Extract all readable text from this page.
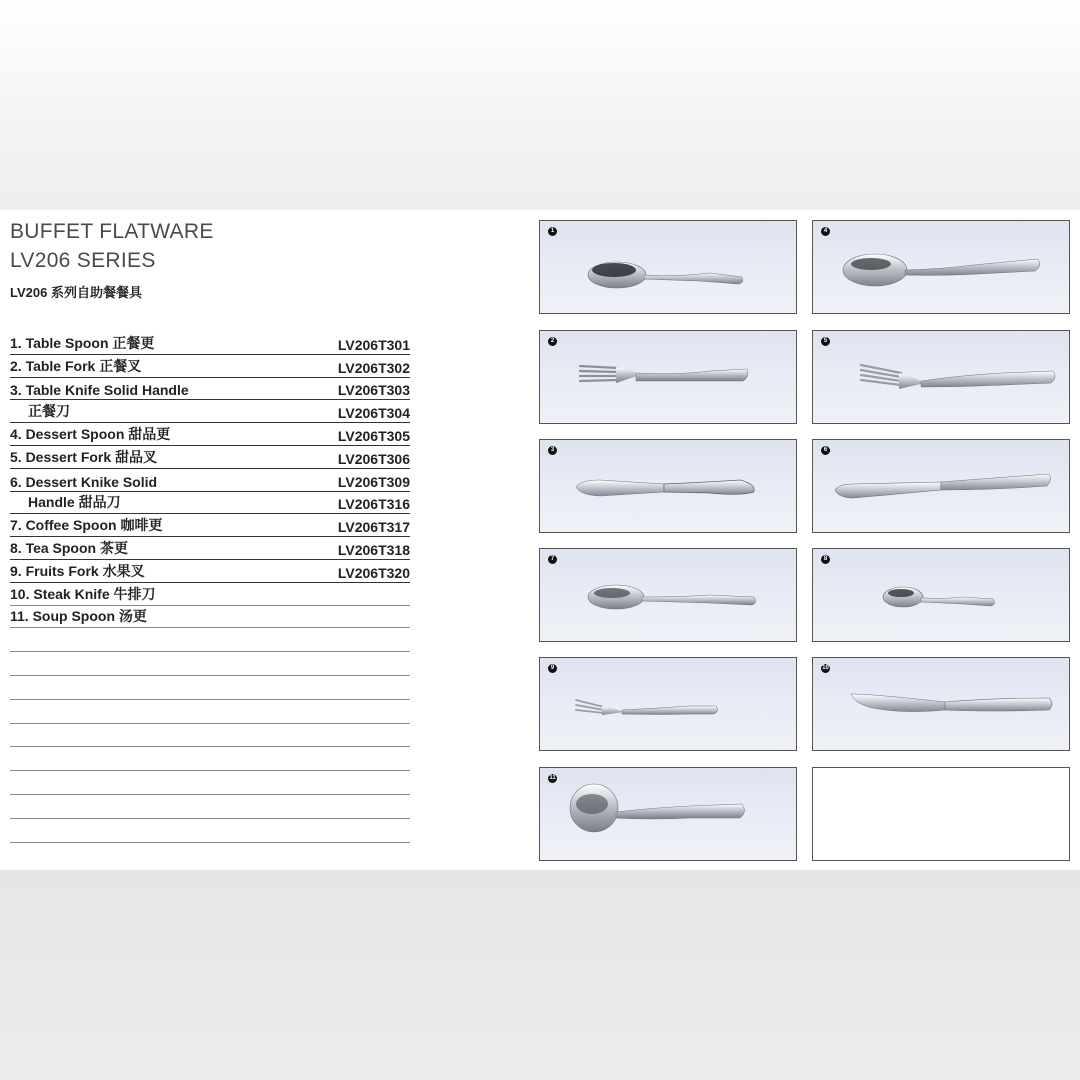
BUFFET FLATWARE
LV206 SERIES
LV206 系列自助餐餐具
1. Table Spoon 正餐更	LV206T301
2. Table Fork 正餐叉	LV206T302
3. Table Knife Solid Handle	LV206T303
正餐刀	LV206T304
4. Dessert Spoon 甜品更	LV206T305
5. Dessert Fork 甜品叉	LV206T306
6. Dessert Knike Solid	LV206T309
Handle 甜品刀	LV206T316
7. Coffee Spoon 咖啡更	LV206T317
8. Tea Spoon 茶更	LV206T318
9. Fruits Fork 水果叉	LV206T320
10. Steak Knife 牛排刀
11. Soup Spoon 汤更
1	4
2	5
3	6
7	8
9	10
11
